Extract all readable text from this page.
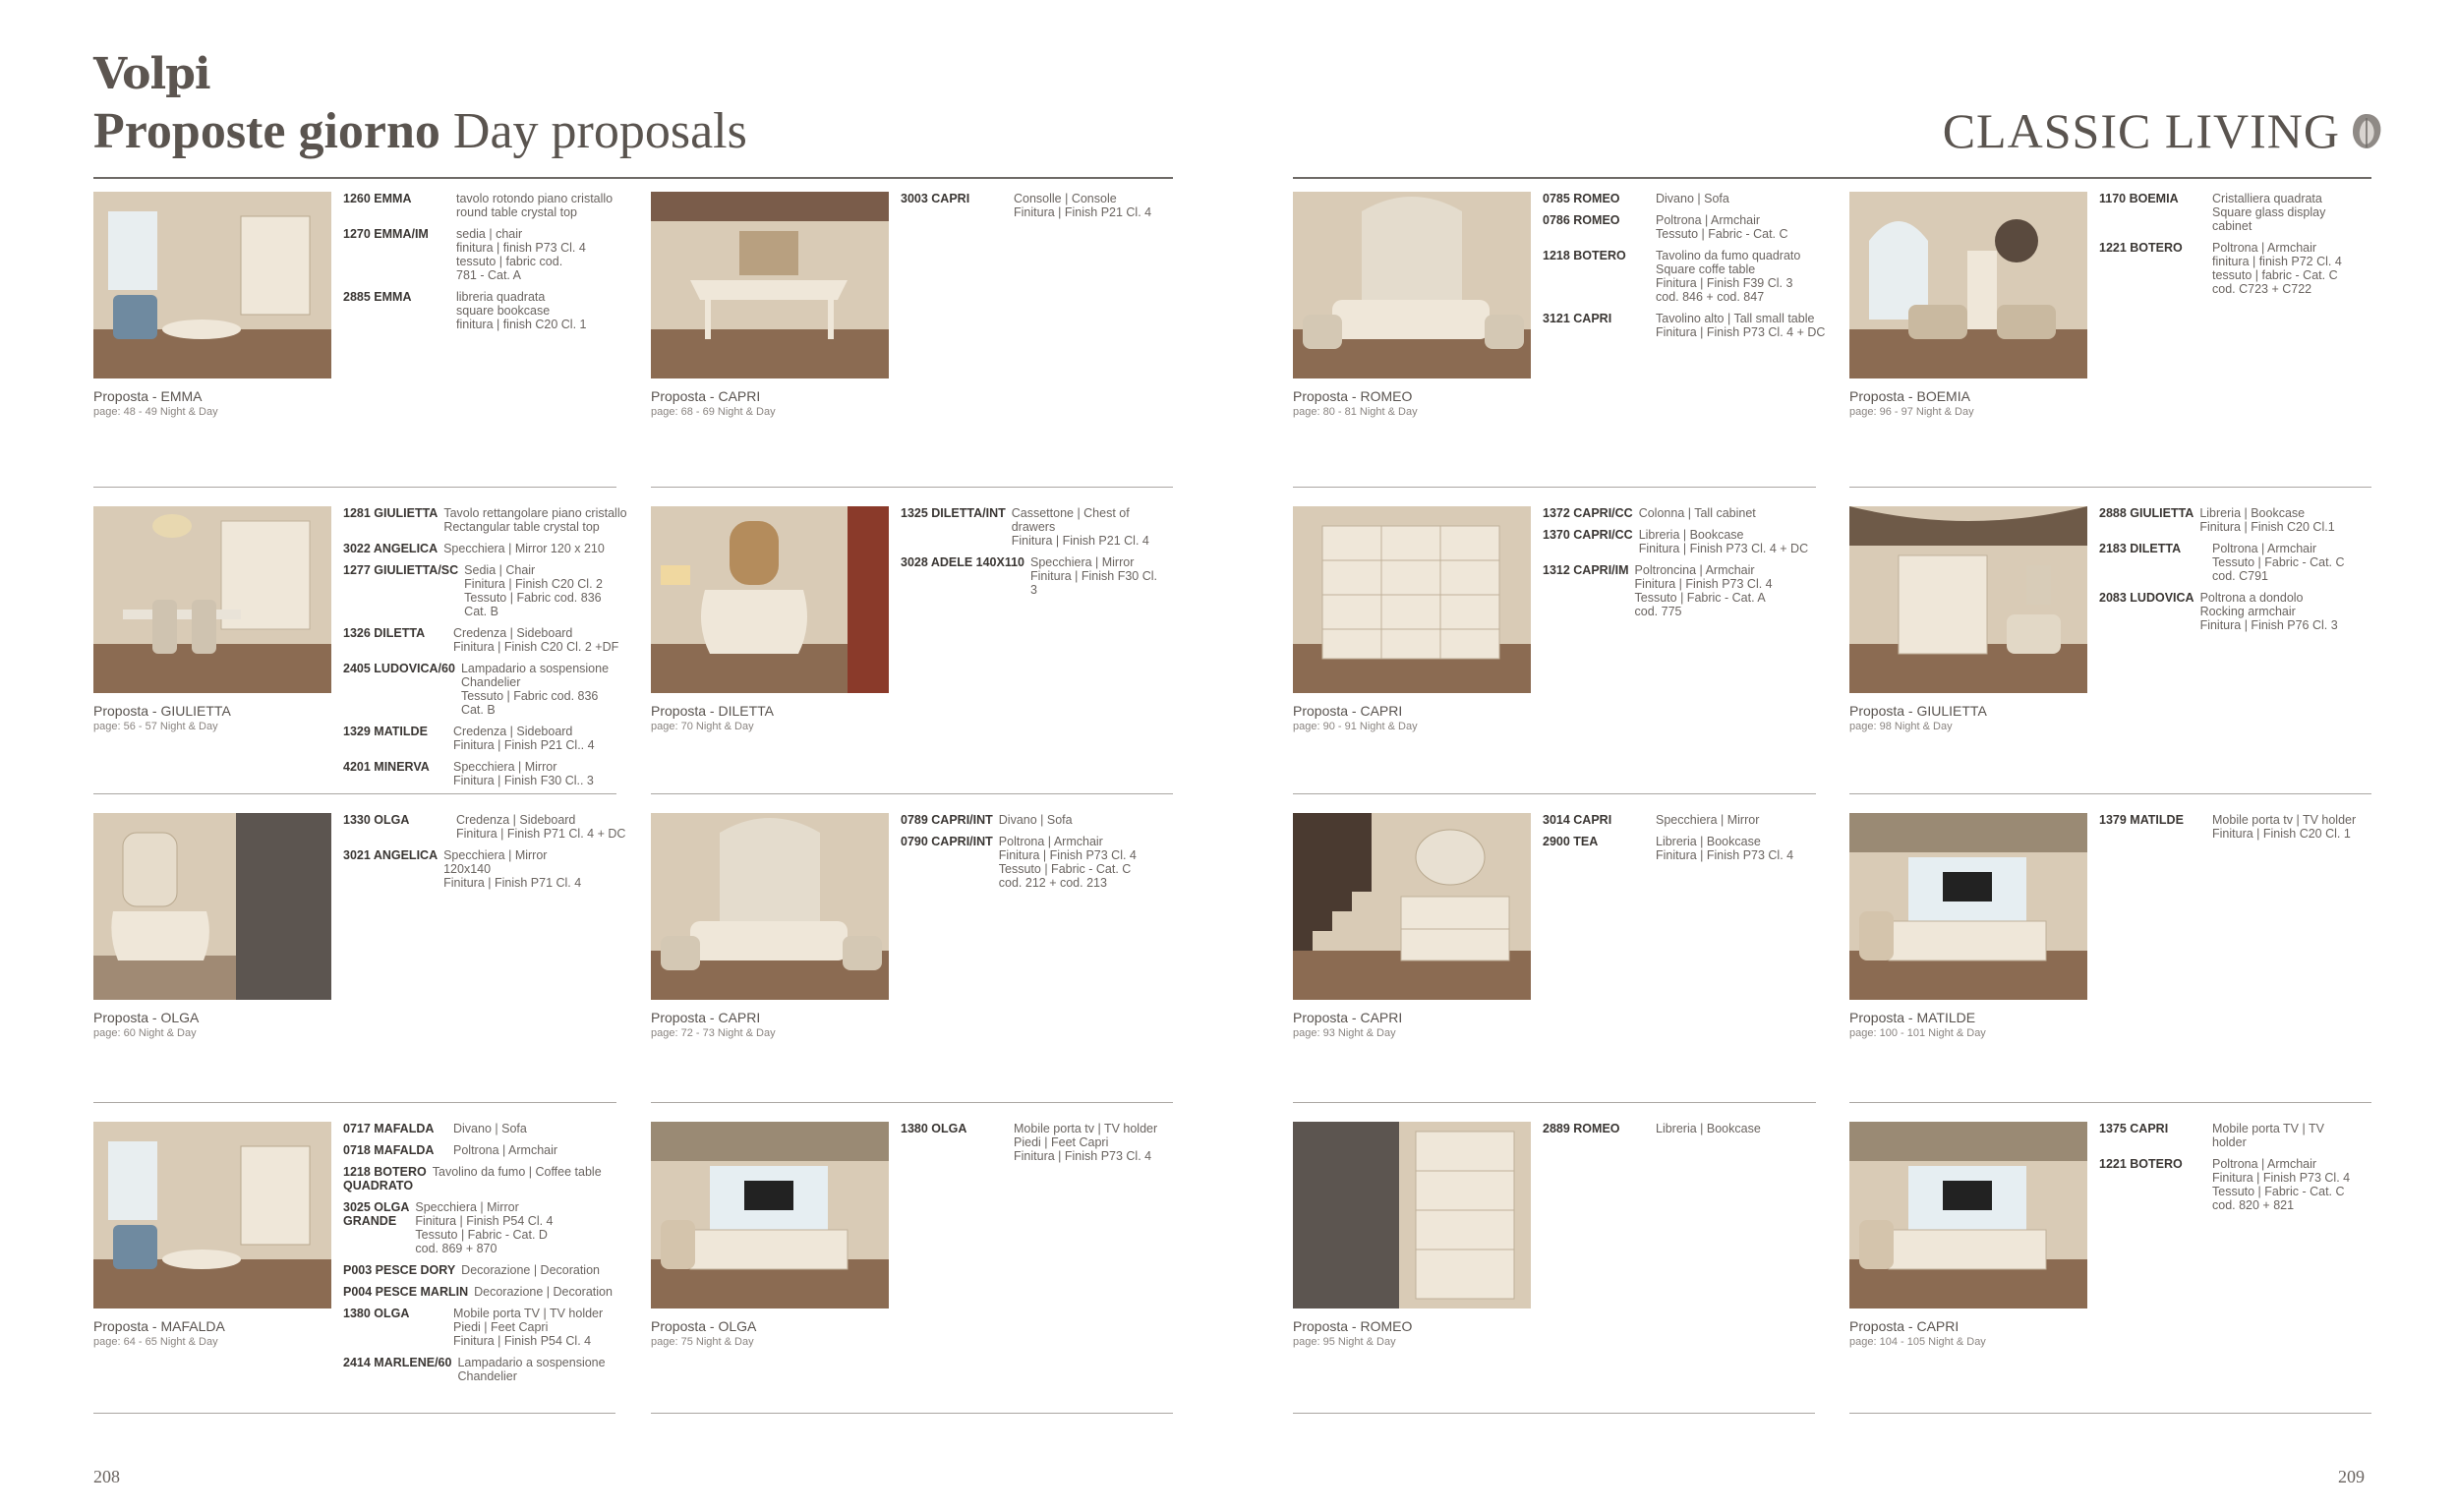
Volpi
Proposte giorno Day proposals	CLASSIC LIVING
Proposta - EMMA
page: 48 - 49 Night & Day
1260 EMMA	tavolo rotondo piano cristallo
round table crystal top
1270 EMMA/IM	sedia | chair
finitura | finish P73 Cl. 4
tessuto | fabric cod.
781 - Cat. A
2885 EMMA	libreria quadrata
square bookcase
finitura | finish C20 Cl. 1
Proposta - CAPRI
page: 68 - 69 Night & Day
3003 CAPRI	Consolle | Console
Finitura | Finish P21 Cl. 4
Proposta - ROMEO
page: 80 - 81 Night & Day
0785 ROMEO	Divano | Sofa
0786 ROMEO	Poltrona | Armchair
Tessuto | Fabric - Cat. C
1218 BOTERO	Tavolino da fumo quadrato
Square coffe table
Finitura | Finish F39 Cl. 3
cod. 846 + cod. 847
3121 CAPRI	Tavolino alto | Tall small table
Finitura | Finish P73 Cl. 4 + DC
Proposta - BOEMIA
page: 96 - 97 Night & Day
1170 BOEMIA	Cristalliera quadrata
Square glass display cabinet
1221 BOTERO	Poltrona | Armchair
finitura | finish P72 Cl. 4
tessuto | fabric - Cat. C
cod. C723 + C722
Proposta - GIULIETTA
page: 56 - 57 Night & Day
1281 GIULIETTA Tavolo rettangolare piano cristallo
Rectangular table crystal top
3022 ANGELICA Specchiera | Mirror 120 x 210
1277 GIULIETTA/SC Sedia | Chair
Finitura | Finish C20 Cl. 2
Tessuto | Fabric cod. 836
Cat. B
1326 DILETTA	Credenza | Sideboard
Finitura | Finish C20 Cl. 2 +DF
2405 LUDOVICA/60 Lampadario a sospensione
Chandelier
Tessuto | Fabric cod. 836
Cat. B
1329 MATILDE	Credenza | Sideboard
Finitura | Finish P21 Cl.. 4
4201 MINERVA	Specchiera | Mirror
Finitura | Finish F30 Cl.. 3
Proposta - DILETTA
page: 70 Night & Day
1325 DILETTA/INT Cassettone | Chest of drawers
Finitura | Finish P21 Cl. 4
3028 ADELE 140X110 Specchiera | Mirror
Finitura | Finish F30 Cl. 3
Proposta - CAPRI
page: 90 - 91 Night & Day
1372 CAPRI/CC Colonna | Tall cabinet
1370 CAPRI/CC Libreria | Bookcase
Finitura | Finish P73 Cl. 4 + DC
1312 CAPRI/IM Poltroncina | Armchair
Finitura | Finish P73 Cl. 4
Tessuto | Fabric - Cat. A
cod. 775
Proposta - GIULIETTA
page: 98 Night & Day
2888 GIULIETTA Libreria | Bookcase
Finitura | Finish C20 Cl.1
2183 DILETTA	Poltrona | Armchair
Tessuto | Fabric - Cat. C
cod. C791
2083 LUDOVICA Poltrona a dondolo
Rocking armchair
Finitura | Finish P76 Cl. 3
Proposta - OLGA
page: 60 Night & Day
1330 OLGA	Credenza | Sideboard
Finitura | Finish P71 Cl. 4 + DC
3021 ANGELICA Specchiera | Mirror
120x140
Finitura | Finish P71 Cl. 4
Proposta - CAPRI
page: 72 - 73 Night & Day
0789 CAPRI/INT Divano | Sofa
0790 CAPRI/INT Poltrona | Armchair
Finitura | Finish P73 Cl. 4
Tessuto | Fabric - Cat. C
cod. 212 + cod. 213
Proposta - CAPRI
page: 93 Night & Day
3014 CAPRI	Specchiera | Mirror
2900 TEA	Libreria | Bookcase
Finitura | Finish P73 Cl. 4
Proposta - MATILDE
page: 100 - 101 Night & Day
1379 MATILDE	Mobile porta tv | TV holder
Finitura | Finish C20 Cl. 1
Proposta - MAFALDA
page: 64 - 65 Night & Day
0717 MAFALDA	Divano | Sofa
0718 MAFALDA	Poltrona | Armchair
1218 BOTERO
QUADRATO
Tavolino da fumo | Coffee table
3025 OLGA
GRANDE
Specchiera | Mirror
Finitura | Finish P54 Cl. 4
Tessuto | Fabric - Cat. D
cod. 869 + 870
P003 PESCE DORY Decorazione | Decoration
P004 PESCE MARLIN Decorazione | Decoration
1380 OLGA	Mobile porta TV | TV holder
Piedi | Feet Capri
Finitura | Finish P54 Cl. 4
2414 MARLENE/60 Lampadario a sospensione
Chandelier
Proposta - OLGA
page: 75 Night & Day
1380 OLGA	Mobile porta tv | TV holder
Piedi | Feet Capri
Finitura | Finish P73 Cl. 4
Proposta - ROMEO
page: 95 Night & Day
2889 ROMEO	Libreria | Bookcase
Proposta - CAPRI
page: 104 - 105 Night & Day
1375 CAPRI	Mobile porta TV | TV holder
1221 BOTERO	Poltrona | Armchair
Finitura | Finish P73 Cl. 4
Tessuto | Fabric - Cat. C
cod. 820 + 821
208	209
